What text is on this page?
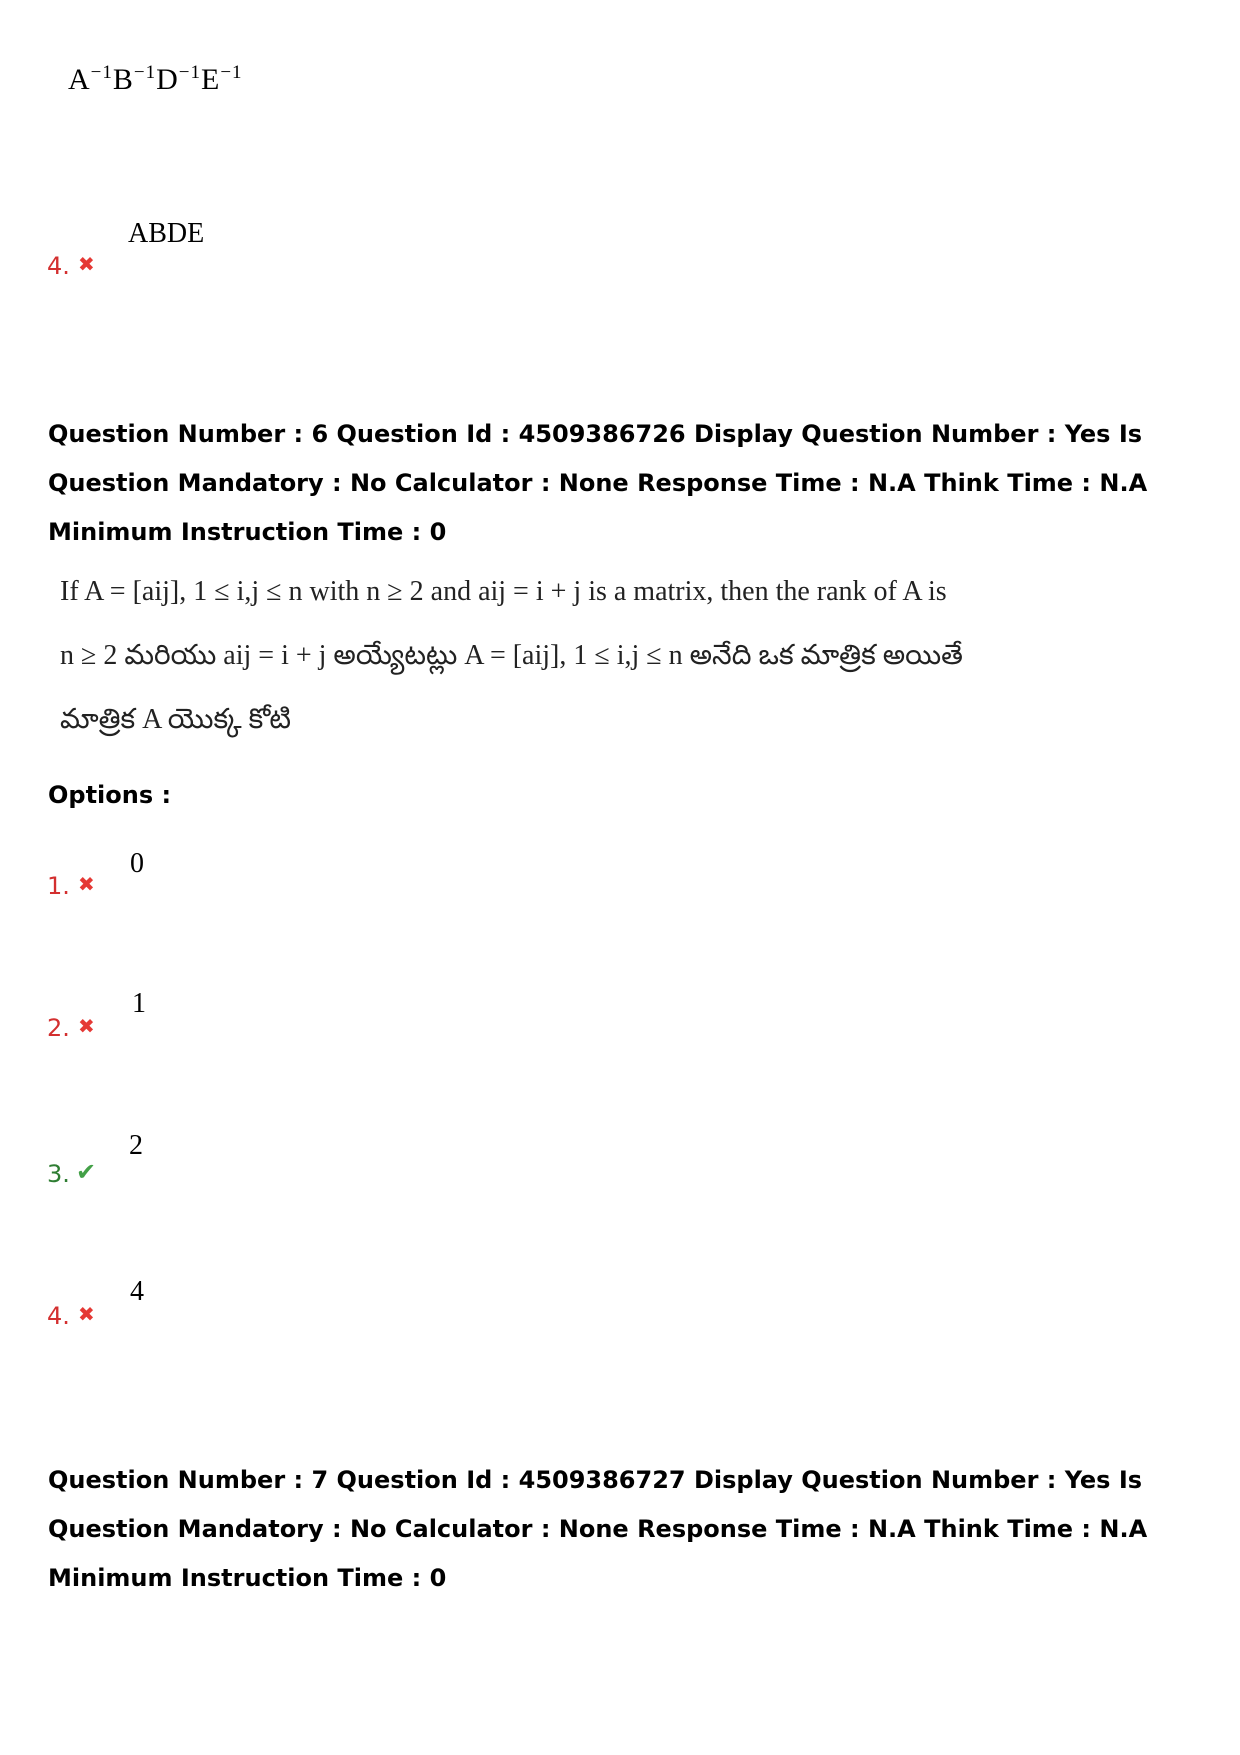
$A^{-1}B^{-1}D^{-1}E^{-1}$
ABDE
4. ✖
Question Number : 6 Question Id : 4509386726 Display Question Number : Yes Is Question Mandatory : No Calculator : None Response Time : N.A Think Time : N.A Minimum Instruction Time : 0
If A = [aij], 1 ≤ i,j ≤ n with n ≥ 2 and aij = i + j is a matrix, then the rank of A is
n ≥ 2 మరియు aij = i + j అయ్యేటట్లు A = [aij], 1 ≤ i,j ≤ n అనేది ఒక మాత్రిక అయితే
మాత్రిక A యొక్క కోటి
Options :
0
1. ✖
1
2. ✖
2
3. ✔
4
4. ✖
Question Number : 7 Question Id : 4509386727 Display Question Number : Yes Is Question Mandatory : No Calculator : None Response Time : N.A Think Time : N.A Minimum Instruction Time : 0
